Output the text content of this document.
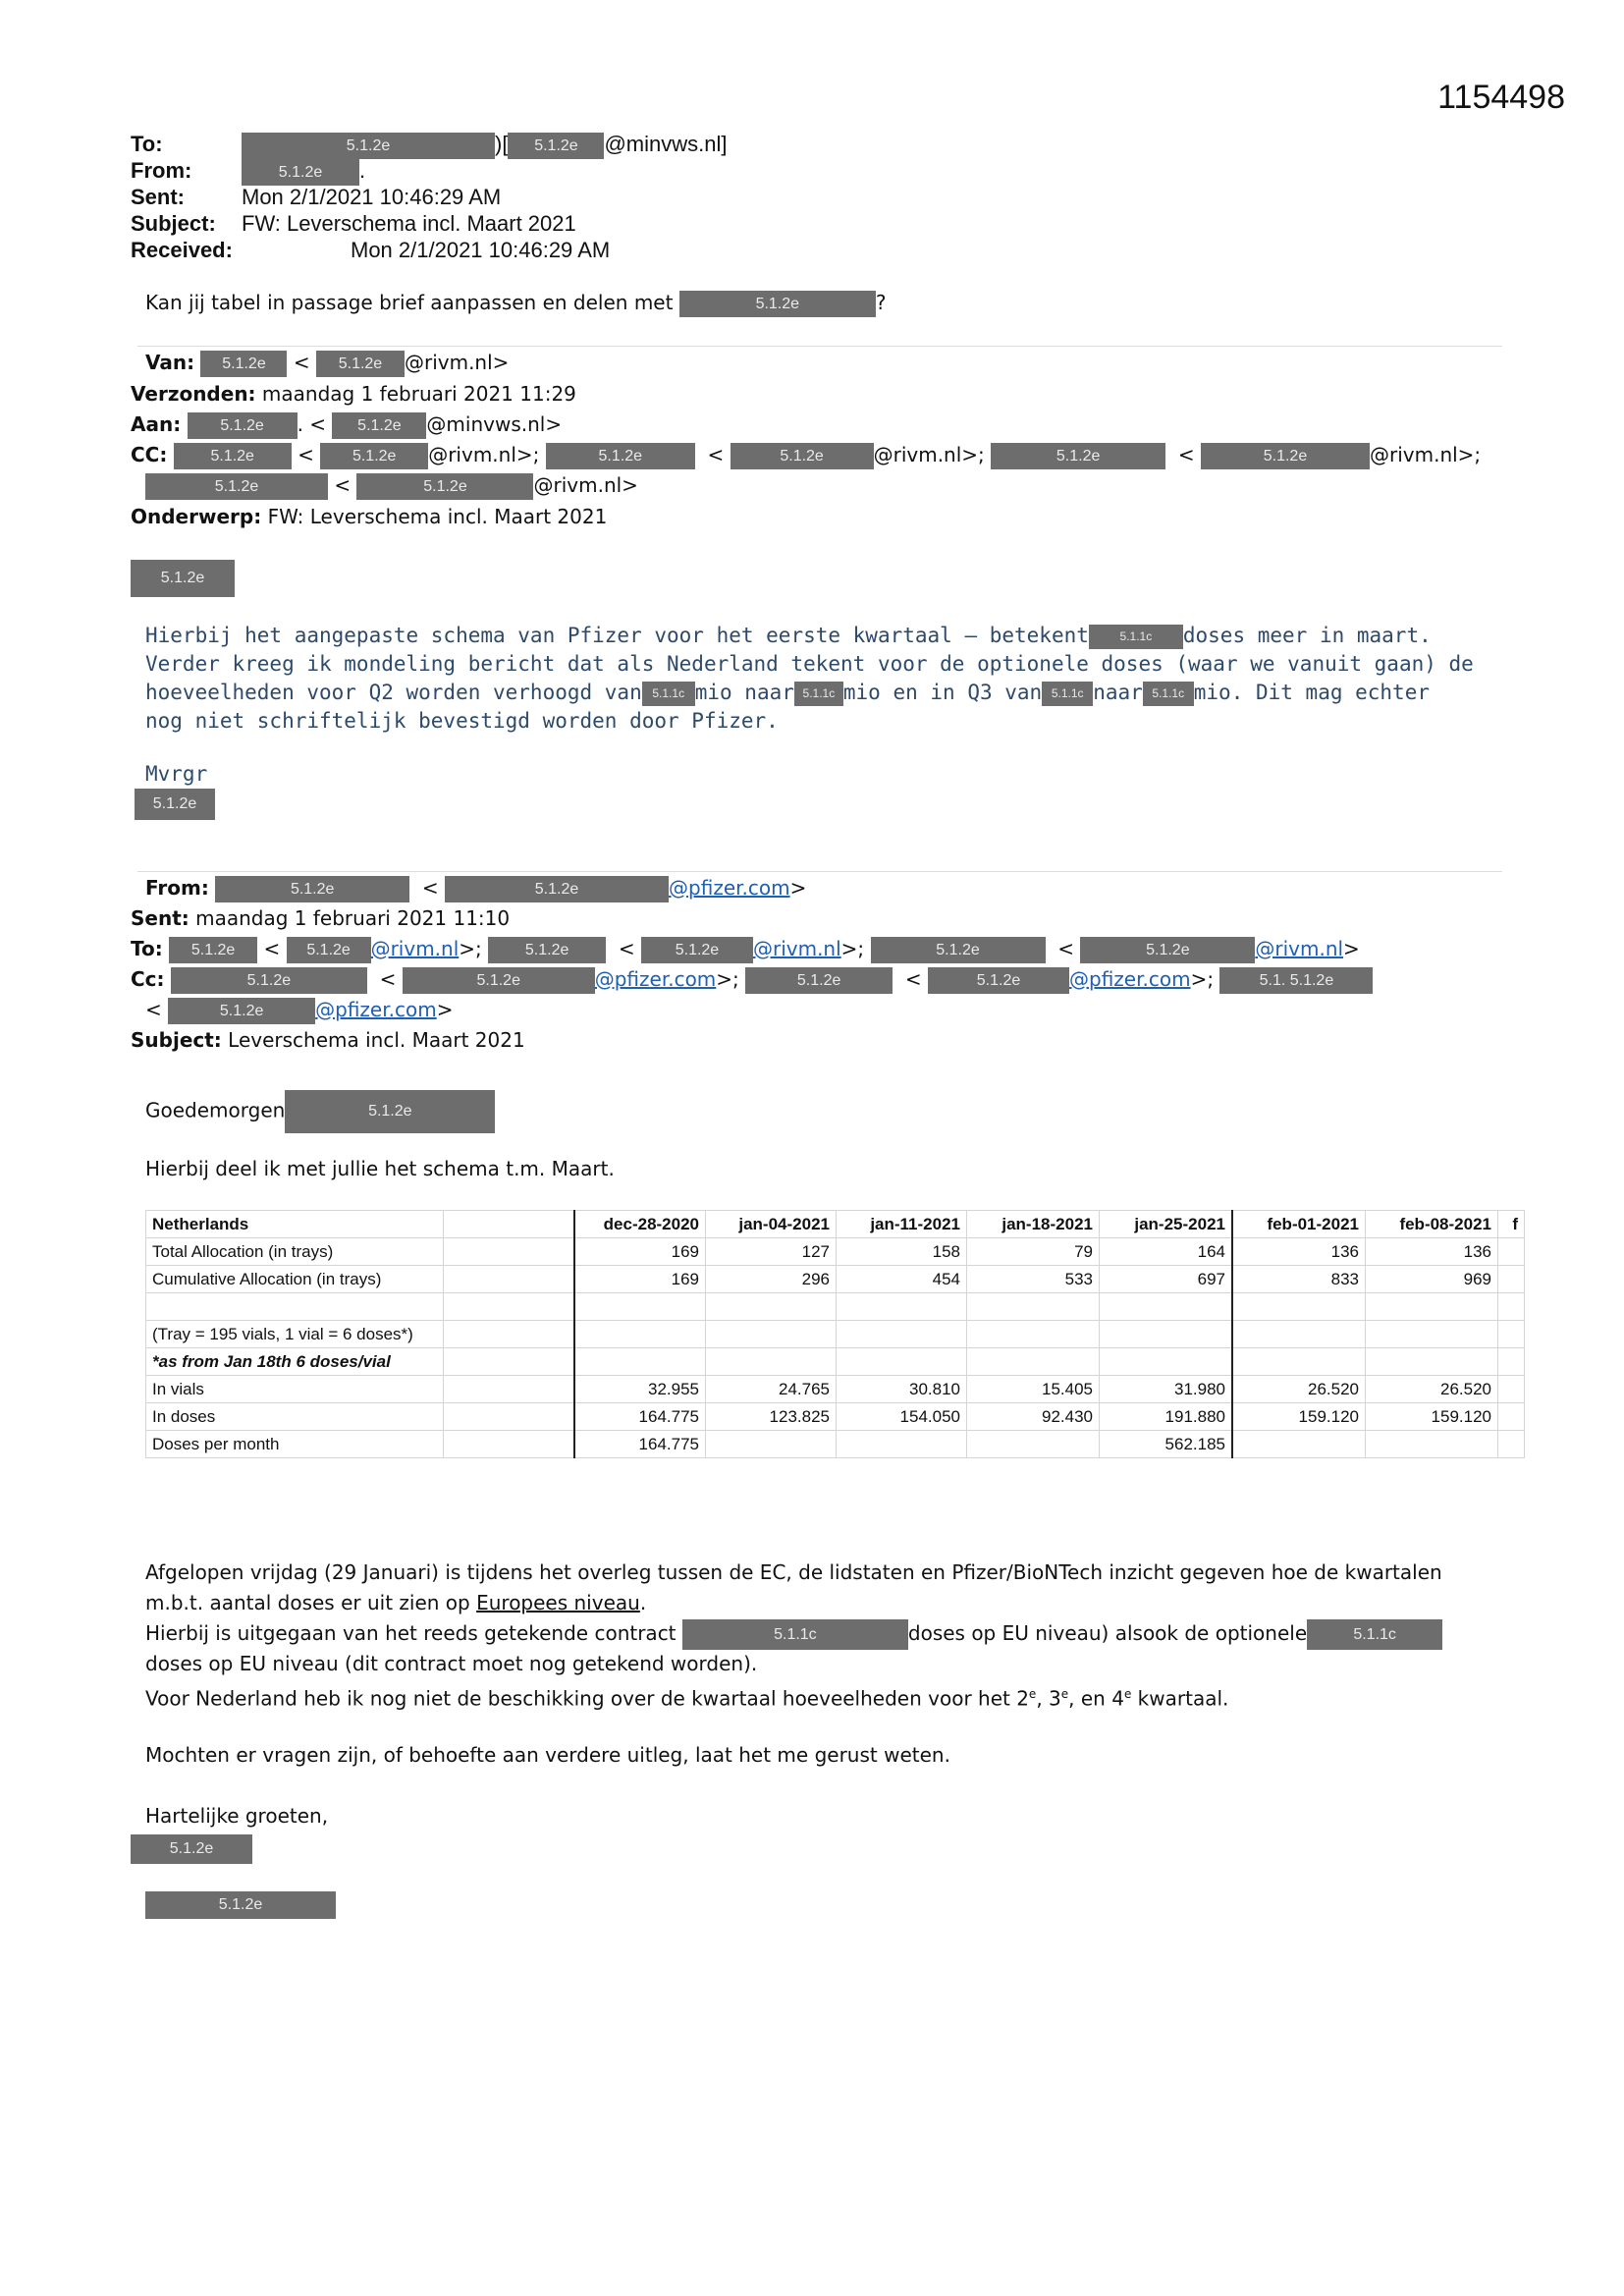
1154498
To:	5.1.2e	)[ 5.1.2e @minvws.nl]
From:	5.1.2e .
Sent:	Mon 2/1/2021 10:46:29 AM
Subject: FW: Leverschema incl. Maart 2021
Received:	Mon 2/1/2021 10:46:29 AM
Kan jij tabel in passage brief aanpassen en delen met	5.1.2e	?
Van: 5.1.2e < 5.1.2e @rivm.nl>
Verzonden: maandag 1 februari 2021 11:29
Aan:	5.1.2e . < 5.1.2e @minvws.nl>
CC:	5.1.2e < 5.1.2e @rivm.nl>;	5.1.2e	<	5.1.2e	@rivm.nl>;	5.1.2e	<	5.1.2e	@rivm.nl>;
5.1.2e	<	5.1.2e	@rivm.nl>
Onderwerp: FW: Leverschema incl. Maart 2021
5.1.2e
Hierbij het aangepaste schema van Pfizer voor het eerste kwartaal – betekent	5.1.1c doses meer in maart.
Verder kreeg ik mondeling bericht dat als Nederland tekent voor de optionele doses (waar we vanuit gaan) de
hoeveelheden voor Q2 worden verhoogd van 5.1.1c mio naar 5.1.1c mio en in Q3 van 5.1.1c naar 5.1.1c mio. Dit mag echter
nog niet schriftelijk bevestigd worden door Pfizer.
Mvrgr
5.1.2e
From:	5.1.2e	<	5.1.2e	@pfizer.com>
Sent: maandag 1 februari 2021 11:10
To: 5.1.2e < 5.1.2e @rivm.nl>;	5.1.2e  < 5.1.2e @rivm.nl>;	5.1.2e	<	5.1.2e	@rivm.nl>
Cc:	5.1.2e	<	5.1.2e	@pfizer.com>;	5.1.2e	<	5.1.2e @pfizer.com>;	5.1. 5.1.2e
<	5.1.2e	@pfizer.com>
Subject: Leverschema incl. Maart 2021
Goedemorgen	5.1.2e
Hierbij deel ik met jullie het schema t.m. Maart.
Netherlands		dec-28-2020	jan-04-2021	jan-11-2021	jan-18-2021	jan-25-2021	feb-01-2021	feb-08-2021	f
Total Allocation (in trays)		169	127	158	79	164	136	136	
Cumulative Allocation (in trays)		169	296	454	533	697	833	969	

(Tray = 195 vials, 1 vial = 6 doses*)									
*as from Jan 18th 6 doses/vial									
In vials		32.955	24.765	30.810	15.405	31.980	26.520	26.520	
In doses		164.775	123.825	154.050	92.430	191.880	159.120	159.120	
Doses per month		164.775				562.185			
Afgelopen vrijdag (29 Januari) is tijdens het overleg tussen de EC, de lidstaten en Pfizer/BioNTech inzicht gegeven hoe de kwartalen
m.b.t. aantal doses er uit zien op Europees niveau.
Hierbij is uitgegaan van het reeds getekende contract	5.1.1c	doses op EU niveau) alsook de optionele	5.1.1c
doses op EU niveau (dit contract moet nog getekend worden).
Voor Nederland heb ik nog niet de beschikking over de kwartaal hoeveelheden voor het 2e, 3e, en 4e kwartaal.
Mochten er vragen zijn, of behoefte aan verdere uitleg, laat het me gerust weten.
Hartelijke groeten,
5.1.2e
5.1.2e
